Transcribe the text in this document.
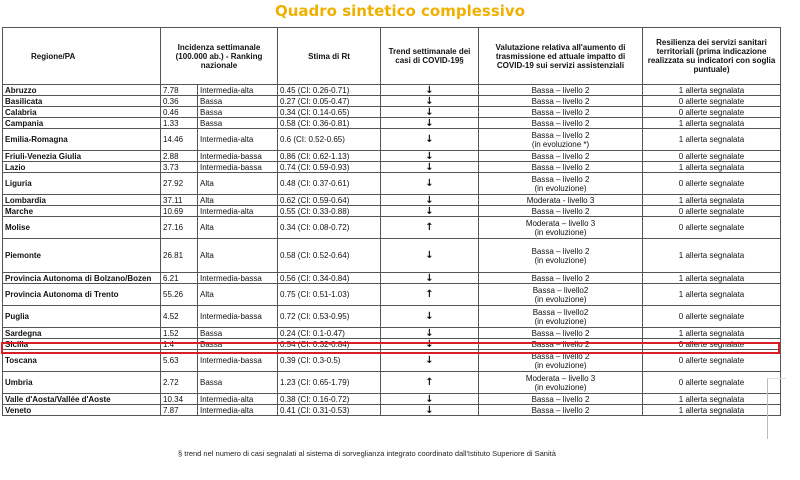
Quadro sintetico complessivo
Regione/PA	Incidenza settimanale (100.000 ab.) - Ranking nazionale		Stima di Rt	Trend settimanale dei casi di COVID-19§	Valutazione relativa all'aumento di trasmissione ed attuale impatto di COVID-19 sui servizi assistenziali	Resilienza dei servizi sanitari territoriali (prima indicazione realizzata su indicatori con soglia puntuale)
Abruzzo	7.78	Intermedia-alta	0.45 (CI: 0.26-0.71)	↓	Bassa – livello 2	1 allerta segnalata
Basilicata	0.36	Bassa	0.27 (CI: 0.05-0.47)	↓	Bassa – livello 2	0 allerte segnalate
Calabria	0.46	Bassa	0.34 (CI: 0.14-0.65)	↓	Bassa – livello 2	0 allerte segnalate
Campania	1.33	Bassa	0.58 (CI: 0.36-0.81)	↓	Bassa – livello 2	1 allerta segnalata
Emilia-Romagna	14.46	Intermedia-alta	0.6 (CI: 0.52-0.65)	↓	Bassa – livello 2
(in evoluzione *)	1 allerta segnalata
Friuli-Venezia Giulia	2.88	Intermedia-bassa	0.86 (CI: 0.62-1.13)	↓	Bassa – livello 2	0 allerte segnalate
Lazio	3.73	Intermedia-bassa	0.74 (CI: 0.59-0.93)	↓	Bassa – livello 2	1 allerta segnalata
Liguria	27.92	Alta	0.48 (CI: 0.37-0.61)	↓	Bassa – livello 2
(in evoluzione)	0 allerte segnalate
Lombardia	37.11	Alta	0.62 (CI: 0.59-0.64)	↓	Moderata - livello 3	1 allerta segnalata
Marche	10.69	Intermedia-alta	0.55 (CI: 0.33-0.88)	↓	Bassa – livello 2	0 allerte segnalate
Molise	27.16	Alta	0.34 (CI: 0.08-0.72)	↑	Moderata – livello 3
(in evoluzione)	0 allerte segnalate
Piemonte	26.81	Alta	0.58 (CI: 0.52-0.64)	↓	Bassa – livello 2
(in evoluzione)	1 allerta segnalata
Provincia Autonoma di Bolzano/Bozen	6.21	Intermedia-bassa	0.56 (CI: 0.34-0.84)	↓	Bassa – livello 2	1 allerta segnalata
Provincia Autonoma di Trento	55.26	Alta	0.75 (CI: 0.51-1.03)	↑	Bassa – livello2
(in evoluzione)	1 allerta segnalata
Puglia	4.52	Intermedia-bassa	0.72 (CI: 0.53-0.95)	↓	Bassa – livello2
(in evoluzione)	0 allerte segnalate
Sardegna	1.52	Bassa	0.24 (CI: 0.1-0.47)	↓	Bassa – livello 2	1 allerta segnalata
Sicilia	1.4	Bassa	0.54 (CI: 0.32-0.84)	↓	Bassa – livello 2	0 allerte segnalate
Toscana	5.63	Intermedia-bassa	0.39 (CI: 0.3-0.5)	↓	Bassa – livello 2
(in evoluzione)	0 allerte segnalate
Umbria	2.72	Bassa	1.23 (CI: 0.65-1.79)	↑	Moderata – livello 3
(in evoluzione)	0 allerte segnalate
Valle d'Aosta/Vallée d'Aoste	10.34	Intermedia-alta	0.38 (CI: 0.16-0.72)	↓	Bassa – livello 2	1 allerta segnalata
Veneto	7.87	Intermedia-alta	0.41 (CI: 0.31-0.53)	↓	Bassa – livello 2	1 allerta segnalata
§ trend nel numero di casi segnalati al sistema di sorveglianza integrato coordinato dall'Istituto Superiore di Sanità
